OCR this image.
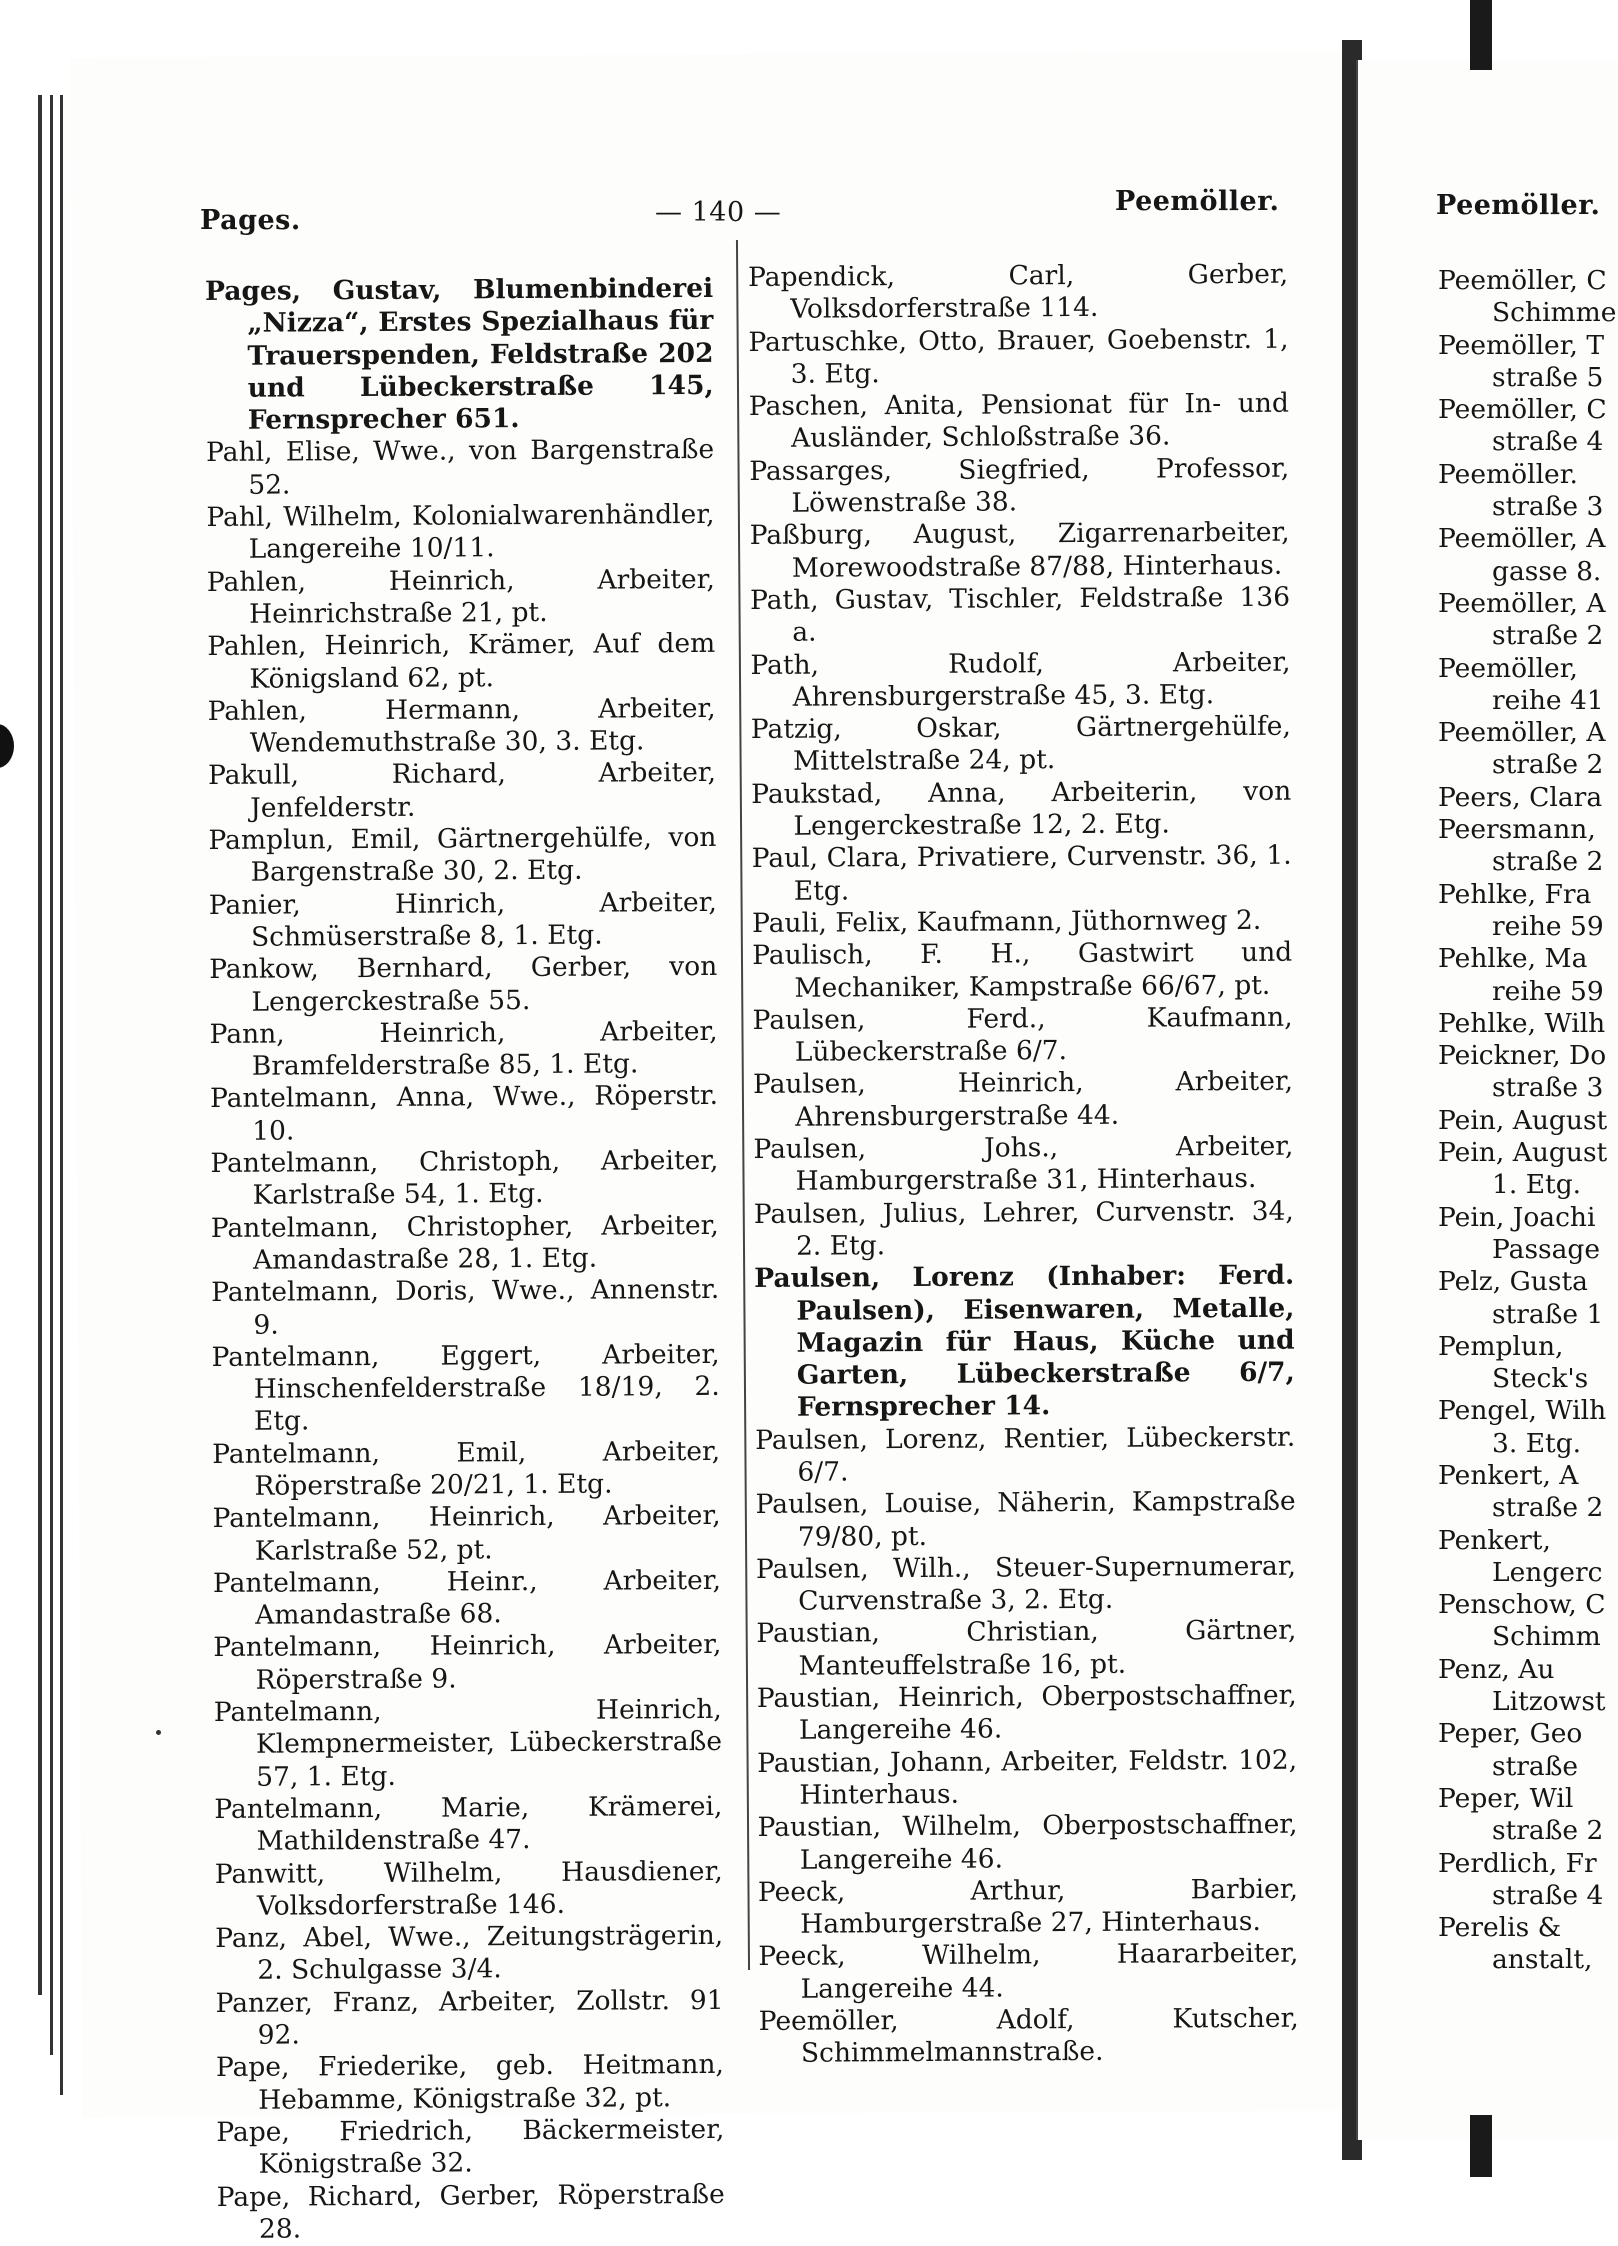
Pages.	— 140 —	Peemöller.	Peemöller.

Pages, Gustav, Blumenbinderei „Nizza“, Erstes Spezialhaus für Trauerspenden, Feldstraße 202 und Lübeckerstraße 145, Fernsprecher 651.

Pahl, Elise, Wwe., von Bargenstraße 52.

Pahl, Wilhelm, Kolonialwarenhändler, Langereihe 10/11.

Pahlen, Heinrich, Arbeiter, Heinrichstraße 21, pt.

Pahlen, Heinrich, Krämer, Auf dem Königsland 62, pt.

Pahlen, Hermann, Arbeiter, Wendemuthstraße 30, 3. Etg.

Pakull, Richard, Arbeiter, Jenfelderstr.

Pamplun, Emil, Gärtnergehülfe, von Bargenstraße 30, 2. Etg.

Panier, Hinrich, Arbeiter, Schmüserstraße 8, 1. Etg.

Pankow, Bernhard, Gerber, von Lengerckestraße 55.

Pann, Heinrich, Arbeiter, Bramfelderstraße 85, 1. Etg.

Pantelmann, Anna, Wwe., Röperstr. 10.

Pantelmann, Christoph, Arbeiter, Karlstraße 54, 1. Etg.

Pantelmann, Christopher, Arbeiter, Amandastraße 28, 1. Etg.

Pantelmann, Doris, Wwe., Annenstr. 9.

Pantelmann, Eggert, Arbeiter, Hinschenfelderstraße 18/19, 2. Etg.

Pantelmann, Emil, Arbeiter, Röperstraße 20/21, 1. Etg.

Pantelmann, Heinrich, Arbeiter, Karlstraße 52, pt.

Pantelmann, Heinr., Arbeiter, Amandastraße 68.

Pantelmann, Heinrich, Arbeiter, Röperstraße 9.

Pantelmann, Heinrich, Klempnermeister, Lübeckerstraße 57, 1. Etg.

Pantelmann, Marie, Krämerei, Mathildenstraße 47.

Panwitt, Wilhelm, Hausdiener, Volksdorferstraße 146.

Panz, Abel, Wwe., Zeitungsträgerin, 2. Schulgasse 3/4.

Panzer, Franz, Arbeiter, Zollstr. 91 92.

Pape, Friederike, geb. Heitmann, Hebamme, Königstraße 32, pt.

Pape, Friedrich, Bäckermeister, Königstraße 32.

Pape, Richard, Gerber, Röperstraße 28.

Papendick, Carl, Gerber, Volksdorferstraße 114.

Partuschke, Otto, Brauer, Goebenstr. 1, 3. Etg.

Paschen, Anita, Pensionat für In- und Ausländer, Schloßstraße 36.

Passarges, Siegfried, Professor, Löwenstraße 38.

Paßburg, August, Zigarrenarbeiter, Morewoodstraße 87/88, Hinterhaus.

Path, Gustav, Tischler, Feldstraße 136 a.

Path, Rudolf, Arbeiter, Ahrensburgerstraße 45, 3. Etg.

Patzig, Oskar, Gärtnergehülfe, Mittelstraße 24, pt.

Paukstad, Anna, Arbeiterin, von Lengerckestraße 12, 2. Etg.

Paul, Clara, Privatiere, Curvenstr. 36, 1. Etg.

Pauli, Felix, Kaufmann, Jüthornweg 2.

Paulisch, F. H., Gastwirt und Mechaniker, Kampstraße 66/67, pt.

Paulsen, Ferd., Kaufmann, Lübeckerstraße 6/7.

Paulsen, Heinrich, Arbeiter, Ahrensburgerstraße 44.

Paulsen, Johs., Arbeiter, Hamburgerstraße 31, Hinterhaus.

Paulsen, Julius, Lehrer, Curvenstr. 34, 2. Etg.

Paulsen, Lorenz (Inhaber: Ferd. Paulsen), Eisenwaren, Metalle, Magazin für Haus, Küche und Garten, Lübeckerstraße 6/7, Fernsprecher 14.

Paulsen, Lorenz, Rentier, Lübeckerstr. 6/7.

Paulsen, Louise, Näherin, Kampstraße 79/80, pt.

Paulsen, Wilh., Steuer-Supernumerar, Curvenstraße 3, 2. Etg.

Paustian, Christian, Gärtner, Manteuffelstraße 16, pt.

Paustian, Heinrich, Oberpostschaffner, Langereihe 46.

Paustian, Johann, Arbeiter, Feldstr. 102, Hinterhaus.

Paustian, Wilhelm, Oberpostschaffner, Langereihe 46.

Peeck, Arthur, Barbier, Hamburgerstraße 27, Hinterhaus.

Peeck, Wilhelm, Haararbeiter, Langereihe 44.

Peemöller, Adolf, Kutscher, Schimmelmannstraße.

Peemöller, C

Schimme

Peemöller, T

straße 5

Peemöller, C

straße 4

Peemöller.

straße 3

Peemöller, A

gasse 8.

Peemöller, A

straße 2

Peemöller,

reihe 41

Peemöller, A

straße 2

Peers, Clara

Peersmann,

straße 2

Pehlke, Fra

reihe 59

Pehlke, Ma

reihe 59

Pehlke, Wilh

Peickner, Do

straße 3

Pein, August

Pein, August

1. Etg.

Pein, Joachi

Passage

Pelz, Gusta

straße 1

Pemplun,

Steck's

Pengel, Wilh

3. Etg.

Penkert, A

straße 2

Penkert,

Lengerc

Penschow, C

Schimm

Penz, Au

Litzowst

Peper, Geo

straße

Peper, Wil

straße 2

Perdlich, Fr

straße 4

Perelis &

anstalt,
